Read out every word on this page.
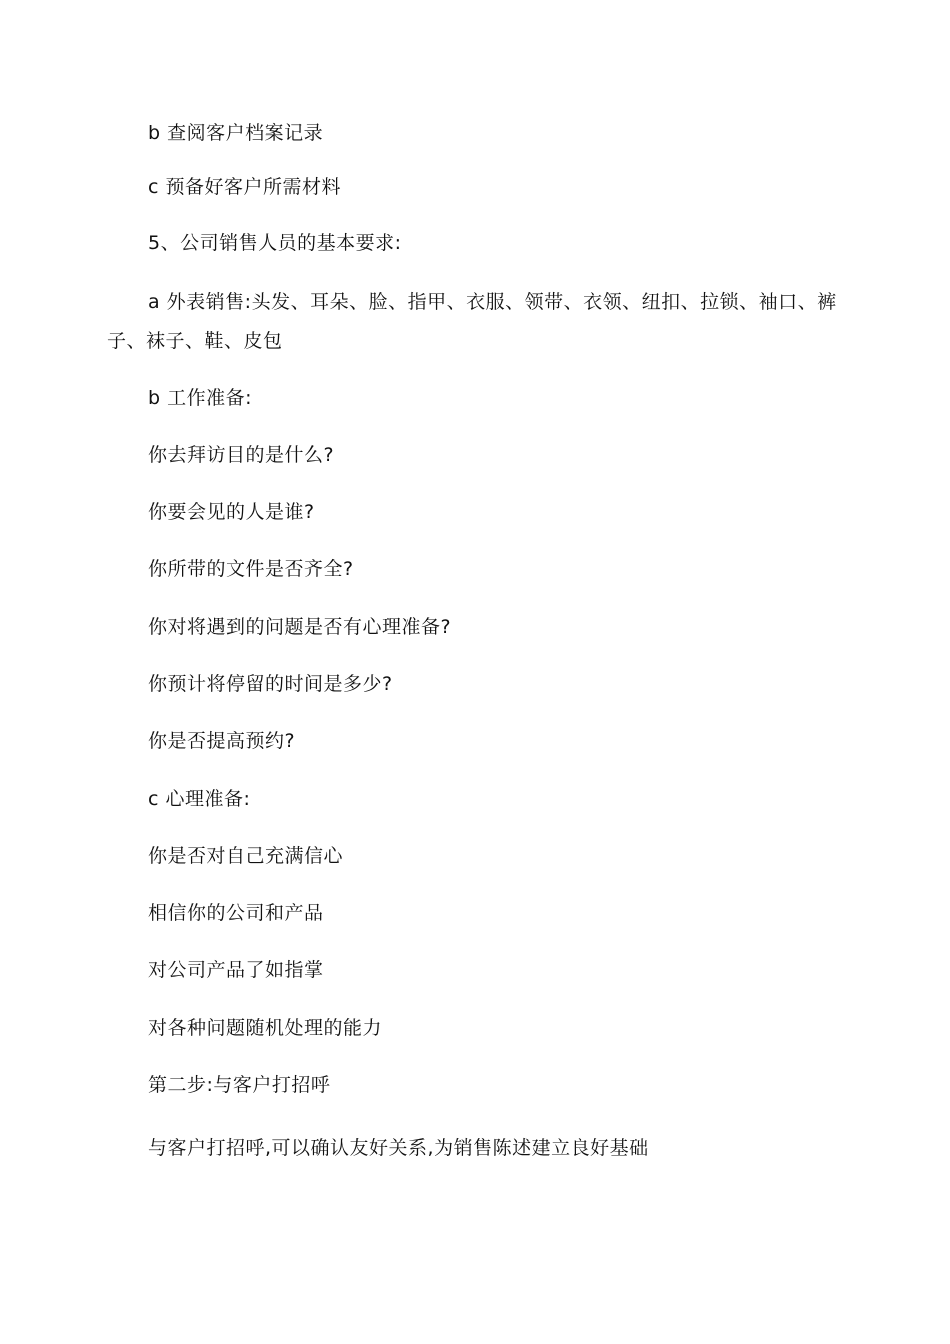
b 查阅客户档案记录
c 预备好客户所需材料
5、公司销售人员的基本要求:
a 外表销售:头发、耳朵、脸、指甲、衣服、领带、衣领、纽扣、拉锁、袖口、裤子、袜子、鞋、皮包
b 工作准备:
你去拜访目的是什么?
你要会见的人是谁?
你所带的文件是否齐全?
你对将遇到的问题是否有心理准备?
你预计将停留的时间是多少?
你是否提高预约?
c 心理准备:
你是否对自己充满信心
相信你的公司和产品
对公司产品了如指掌
对各种问题随机处理的能力
第二步:与客户打招呼
与客户打招呼,可以确认友好关系,为销售陈述建立良好基础
